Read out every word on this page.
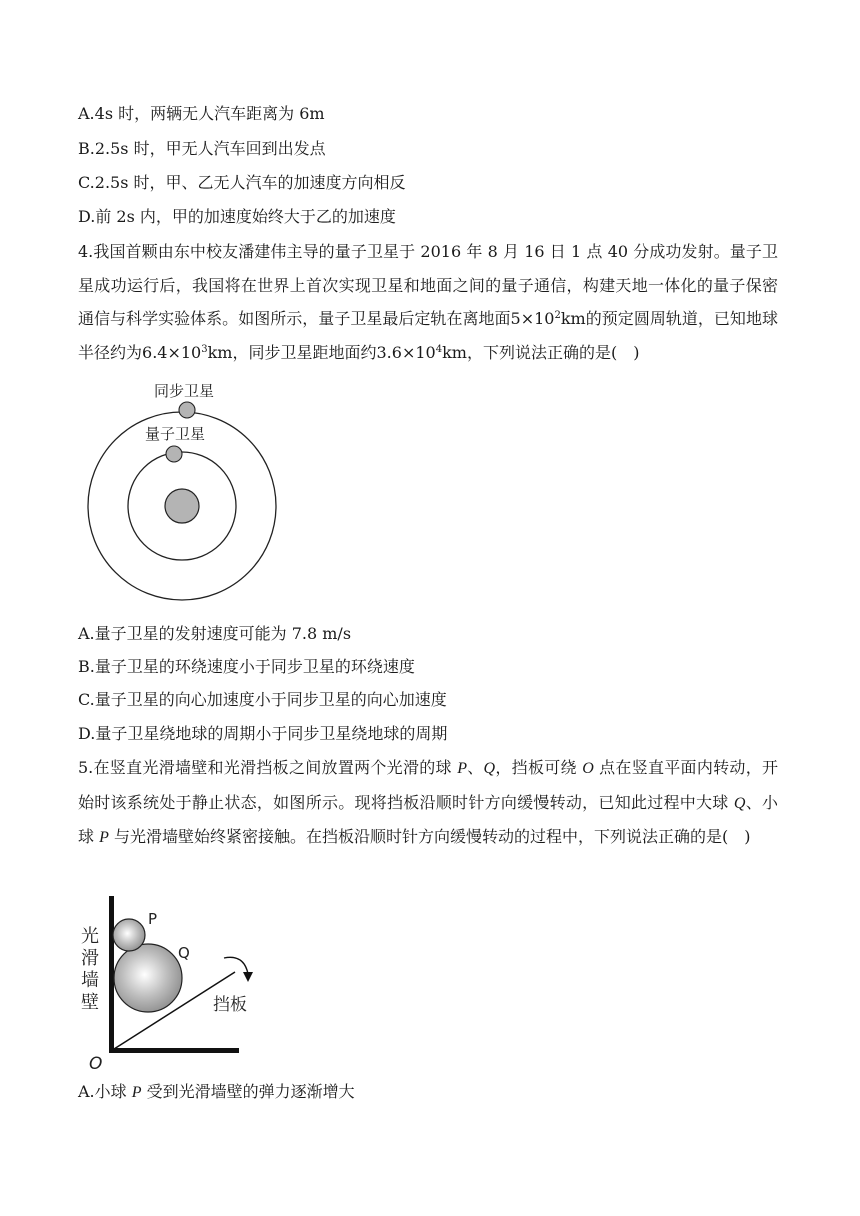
A.4s 时，两辆无人汽车距离为 6m
B.2.5s 时，甲无人汽车回到出发点
C.2.5s 时，甲、乙无人汽车的加速度方向相反
D.前 2s 内，甲的加速度始终大于乙的加速度
4.我国首颗由东中校友潘建伟主导的量子卫星于 2016 年 8 月 16 日 1 点 40 分成功发射。量子卫星成功运行后，我国将在世界上首次实现卫星和地面之间的量子通信，构建天地一体化的量子保密通信与科学实验体系。如图所示，量子卫星最后定轨在离地面$5\times 10^2km$的预定圆周轨道，已知地球半径约为$6.4\times 10^3km$，同步卫星距地面约$3.6\times 10^4km$，下列说法正确的是(　)
同步卫星
量子卫星
A.量子卫星的发射速度可能为 7.8 m/s
B.量子卫星的环绕速度小于同步卫星的环绕速度
C.量子卫星的向心加速度小于同步卫星的向心加速度
D.量子卫星绕地球的周期小于同步卫星绕地球的周期
5.在竖直光滑墙壁和光滑挡板之间放置两个光滑的球 P、Q，挡板可绕 O 点在竖直平面内转动，开始时该系统处于静止状态，如图所示。现将挡板沿顺时针方向缓慢转动，已知此过程中大球 Q、小球 P 与光滑墙壁始终紧密接触。在挡板沿顺时针方向缓慢转动的过程中，下列说法正确的是(　)
光
滑
墙
壁
P
Q
挡板
O
A.小球 P 受到光滑墙壁的弹力逐渐增大
